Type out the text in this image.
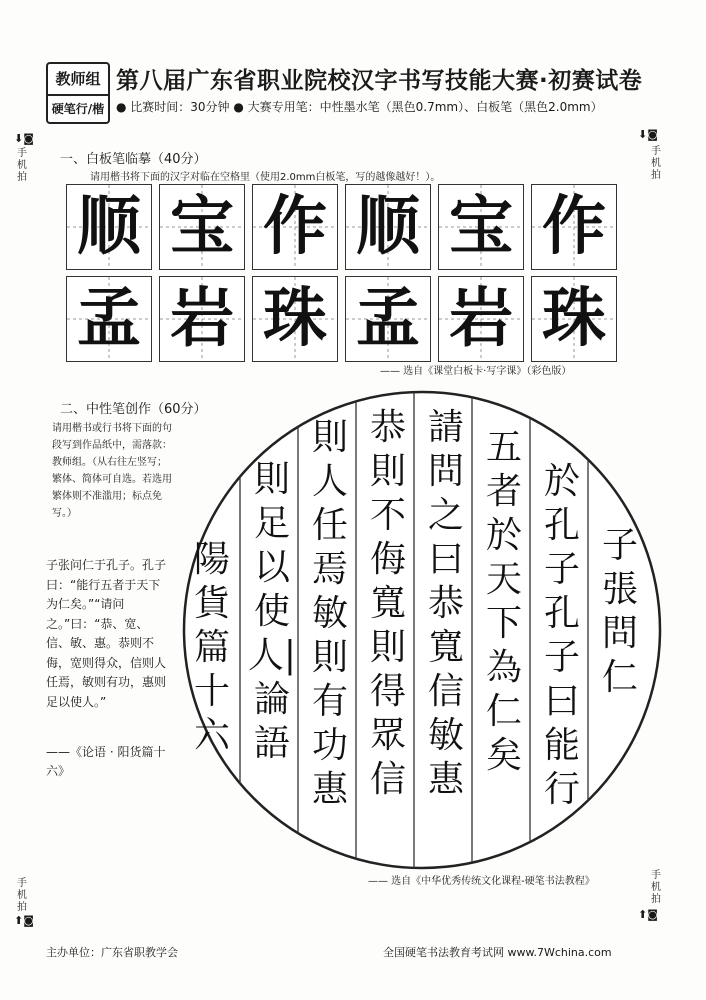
教师组
硬笔行/楷
第八届广东省职业院校汉字书写技能大赛·初赛试卷
● 比赛时间：30分钟 ● 大赛专用笔：中性墨水笔（黑色0.7mm）、白板笔（黑色2.0mm）
⬇◙
手机拍
⬇◙
手机拍
手机拍
⬆◙
手机拍
⬆◙
一、白板笔临摹（40分）
请用楷书将下面的汉字对临在空格里（使用2.0mm白板笔，写的越像越好！）。
顺 宝 作 顺 宝 作
孟 岩 珠 孟 岩 珠
—— 选自《课堂白板卡·写字课》（彩色版）
二、中性笔创作（60分）
请用楷书或行书将下面的句段写到作品纸中，需落款：教师组。（从右往左竖写；繁体、简体可自选。若选用繁体则不准滥用；标点免写。）
子张问仁于孔子。孔子曰：“能行五者于天下为仁矣。”“请问之。”曰：“恭、宽、信、敏、惠。恭则不侮，宽则得众，信则人任焉，敏则有功，惠则足以使人。”
——《论语 · 阳货篇十六》
子張問仁
於孔子孔子曰能行
五者於天下為仁矣
請問之曰恭寬信敏惠
恭則不侮寬則得眾信
則人任焉敏則有功惠
則足以使人|論語
陽貨篇十六
—— 选自《中华优秀传统文化课程-硬笔书法教程》
主办单位：广东省职教学会	全国硬笔书法教育考试网 www.7Wchina.com
